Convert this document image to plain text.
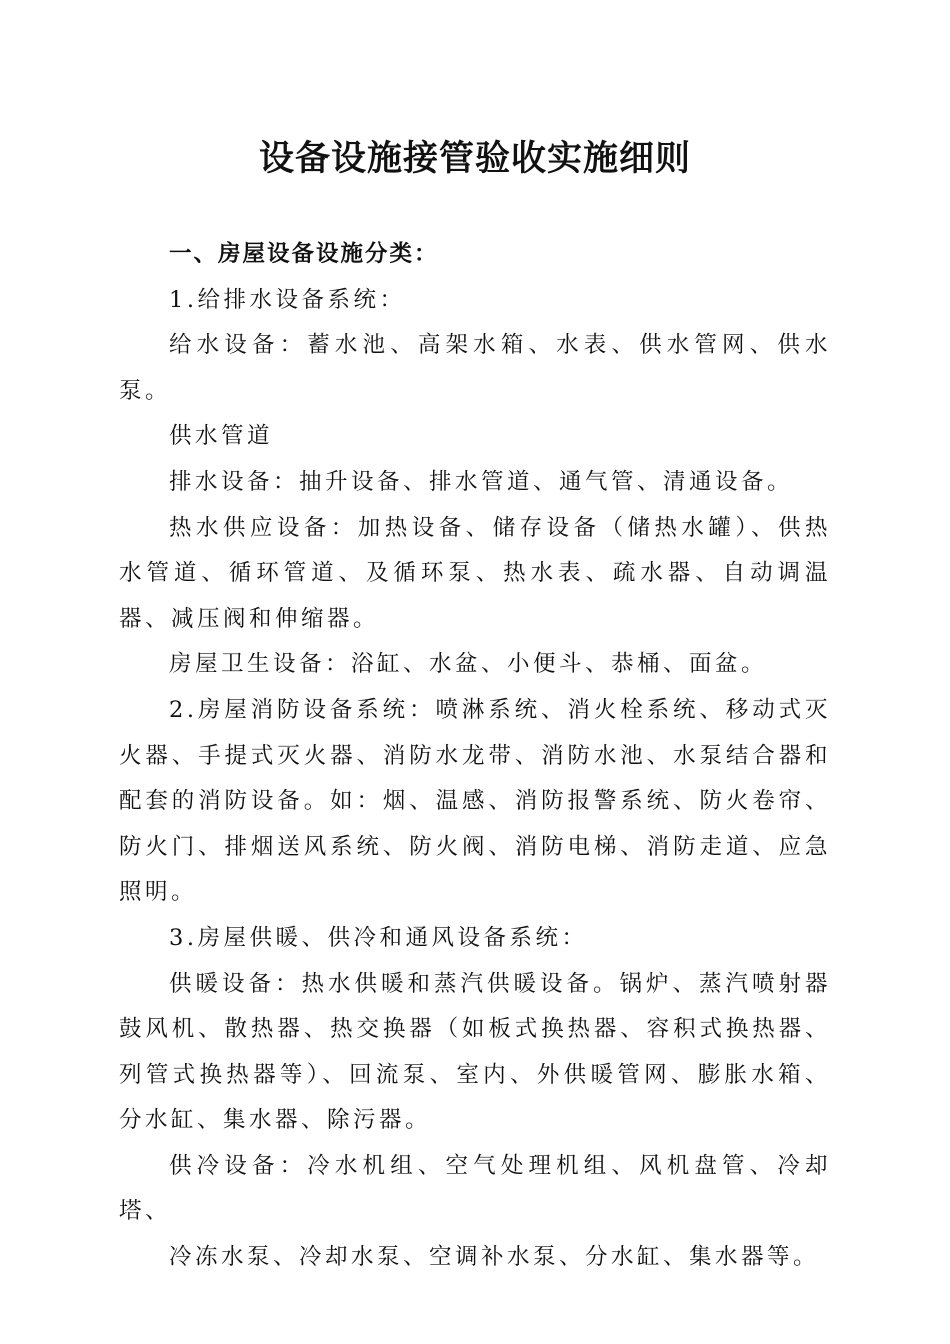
设备设施接管验收实施细则

一、房屋设备设施分类：

1.给排水设备系统：

给水设备：蓄水池、高架水箱、水表、供水管网、供水泵。

供水管道

排水设备：抽升设备、排水管道、通气管、清通设备。

热水供应设备：加热设备、储存设备（储热水罐）、供热水管道、循环管道、及循环泵、热水表、疏水器、自动调温器、减压阀和伸缩器。

房屋卫生设备：浴缸、水盆、小便斗、恭桶、面盆。

2.房屋消防设备系统：喷淋系统、消火栓系统、移动式灭火器、手提式灭火器、消防水龙带、消防水池、水泵结合器和配套的消防设备。如：烟、温感、消防报警系统、防火卷帘、防火门、排烟送风系统、防火阀、消防电梯、消防走道、应急照明。

3.房屋供暖、供冷和通风设备系统：

供暖设备：热水供暖和蒸汽供暖设备。锅炉、蒸汽喷射器鼓风机、散热器、热交换器（如板式换热器、容积式换热器、列管式换热器等）、回流泵、室内、外供暖管网、膨胀水箱、分水缸、集水器、除污器。

供冷设备：冷水机组、空气处理机组、风机盘管、冷却塔、

冷冻水泵、冷却水泵、空调补水泵、分水缸、集水器等。
